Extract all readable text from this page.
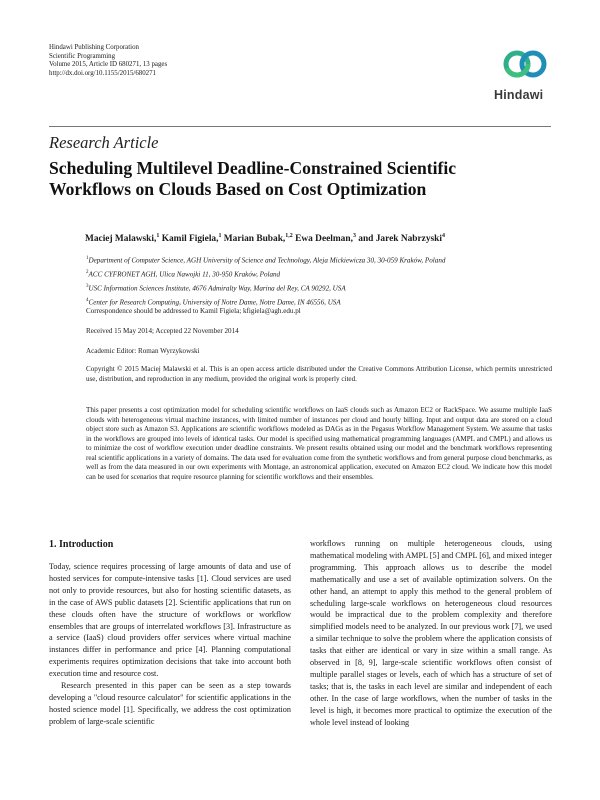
Hindawi Publishing Corporation
Scientific Programming
Volume 2015, Article ID 680271, 13 pages
http://dx.doi.org/10.1155/2015/680271
Hindawi
Research Article
Scheduling Multilevel Deadline-Constrained Scientific
Workflows on Clouds Based on Cost Optimization
Maciej Malawski,$^1$ Kamil Figiela,$^1$ Marian Bubak,$^{1,2}$ Ewa Deelman,$^3$ and Jarek Nabrzyski$^4$
$^1$Department of Computer Science, AGH University of Science and Technology, Aleja Mickiewicza 30, 30-059 Kraków, Poland
$^2$ACC CYFRONET AGH, Ulica Nawojki 11, 30-950 Kraków, Poland
$^3$USC Information Sciences Institute, 4676 Admiralty Way, Marina del Rey, CA 90292, USA
$^4$Center for Research Computing, University of Notre Dame, Notre Dame, IN 46556, USA
Correspondence should be addressed to Kamil Figiela; kfigiela@agh.edu.pl
Received 15 May 2014; Accepted 22 November 2014
Academic Editor: Roman Wyrzykowski
Copyright © 2015 Maciej Malawski et al. This is an open access article distributed under the Creative Commons Attribution License, which permits unrestricted use, distribution, and reproduction in any medium, provided the original work is properly cited.
This paper presents a cost optimization model for scheduling scientific workflows on IaaS clouds such as Amazon EC2 or RackSpace. We assume multiple IaaS clouds with heterogeneous virtual machine instances, with limited number of instances per cloud and hourly billing. Input and output data are stored on a cloud object store such as Amazon S3. Applications are scientific workflows modeled as DAGs as in the Pegasus Workflow Management System. We assume that tasks in the workflows are grouped into levels of identical tasks. Our model is specified using mathematical programming languages (AMPL and CMPL) and allows us to minimize the cost of workflow execution under deadline constraints. We present results obtained using our model and the benchmark workflows representing real scientific applications in a variety of domains. The data used for evaluation come from the synthetic workflows and from general purpose cloud benchmarks, as well as from the data measured in our own experiments with Montage, an astronomical application, executed on Amazon EC2 cloud. We indicate how this model can be used for scenarios that require resource planning for scientific workflows and their ensembles.
1. Introduction

Today, science requires processing of large amounts of data and use of hosted services for compute-intensive tasks [1]. Cloud services are used not only to provide resources, but also for hosting scientific datasets, as in the case of AWS public datasets [2]. Scientific applications that run on these clouds often have the structure of workflows or workflow ensembles that are groups of interrelated workflows [3]. Infrastructure as a service (IaaS) cloud providers offer services where virtual machine instances differ in performance and price [4]. Planning computational experiments requires optimization decisions that take into account both execution time and resource cost.

Research presented in this paper can be seen as a step towards developing a "cloud resource calculator" for scientific applications in the hosted science model [1]. Specifically, we address the cost optimization problem of large-scale scientific

workflows running on multiple heterogeneous clouds, using mathematical modeling with AMPL [5] and CMPL [6], and mixed integer programming. This approach allows us to describe the model mathematically and use a set of available optimization solvers. On the other hand, an attempt to apply this method to the general problem of scheduling large-scale workflows on heterogeneous cloud resources would be impractical due to the problem complexity and therefore simplified models need to be analyzed. In our previous work [7], we used a similar technique to solve the problem where the application consists of tasks that either are identical or vary in size within a small range. As observed in [8, 9], large-scale scientific workflows often consist of multiple parallel stages or levels, each of which has a structure of set of tasks; that is, the tasks in each level are similar and independent of each other. In the case of large workflows, when the number of tasks in the level is high, it becomes more practical to optimize the execution of the whole level instead of looking
